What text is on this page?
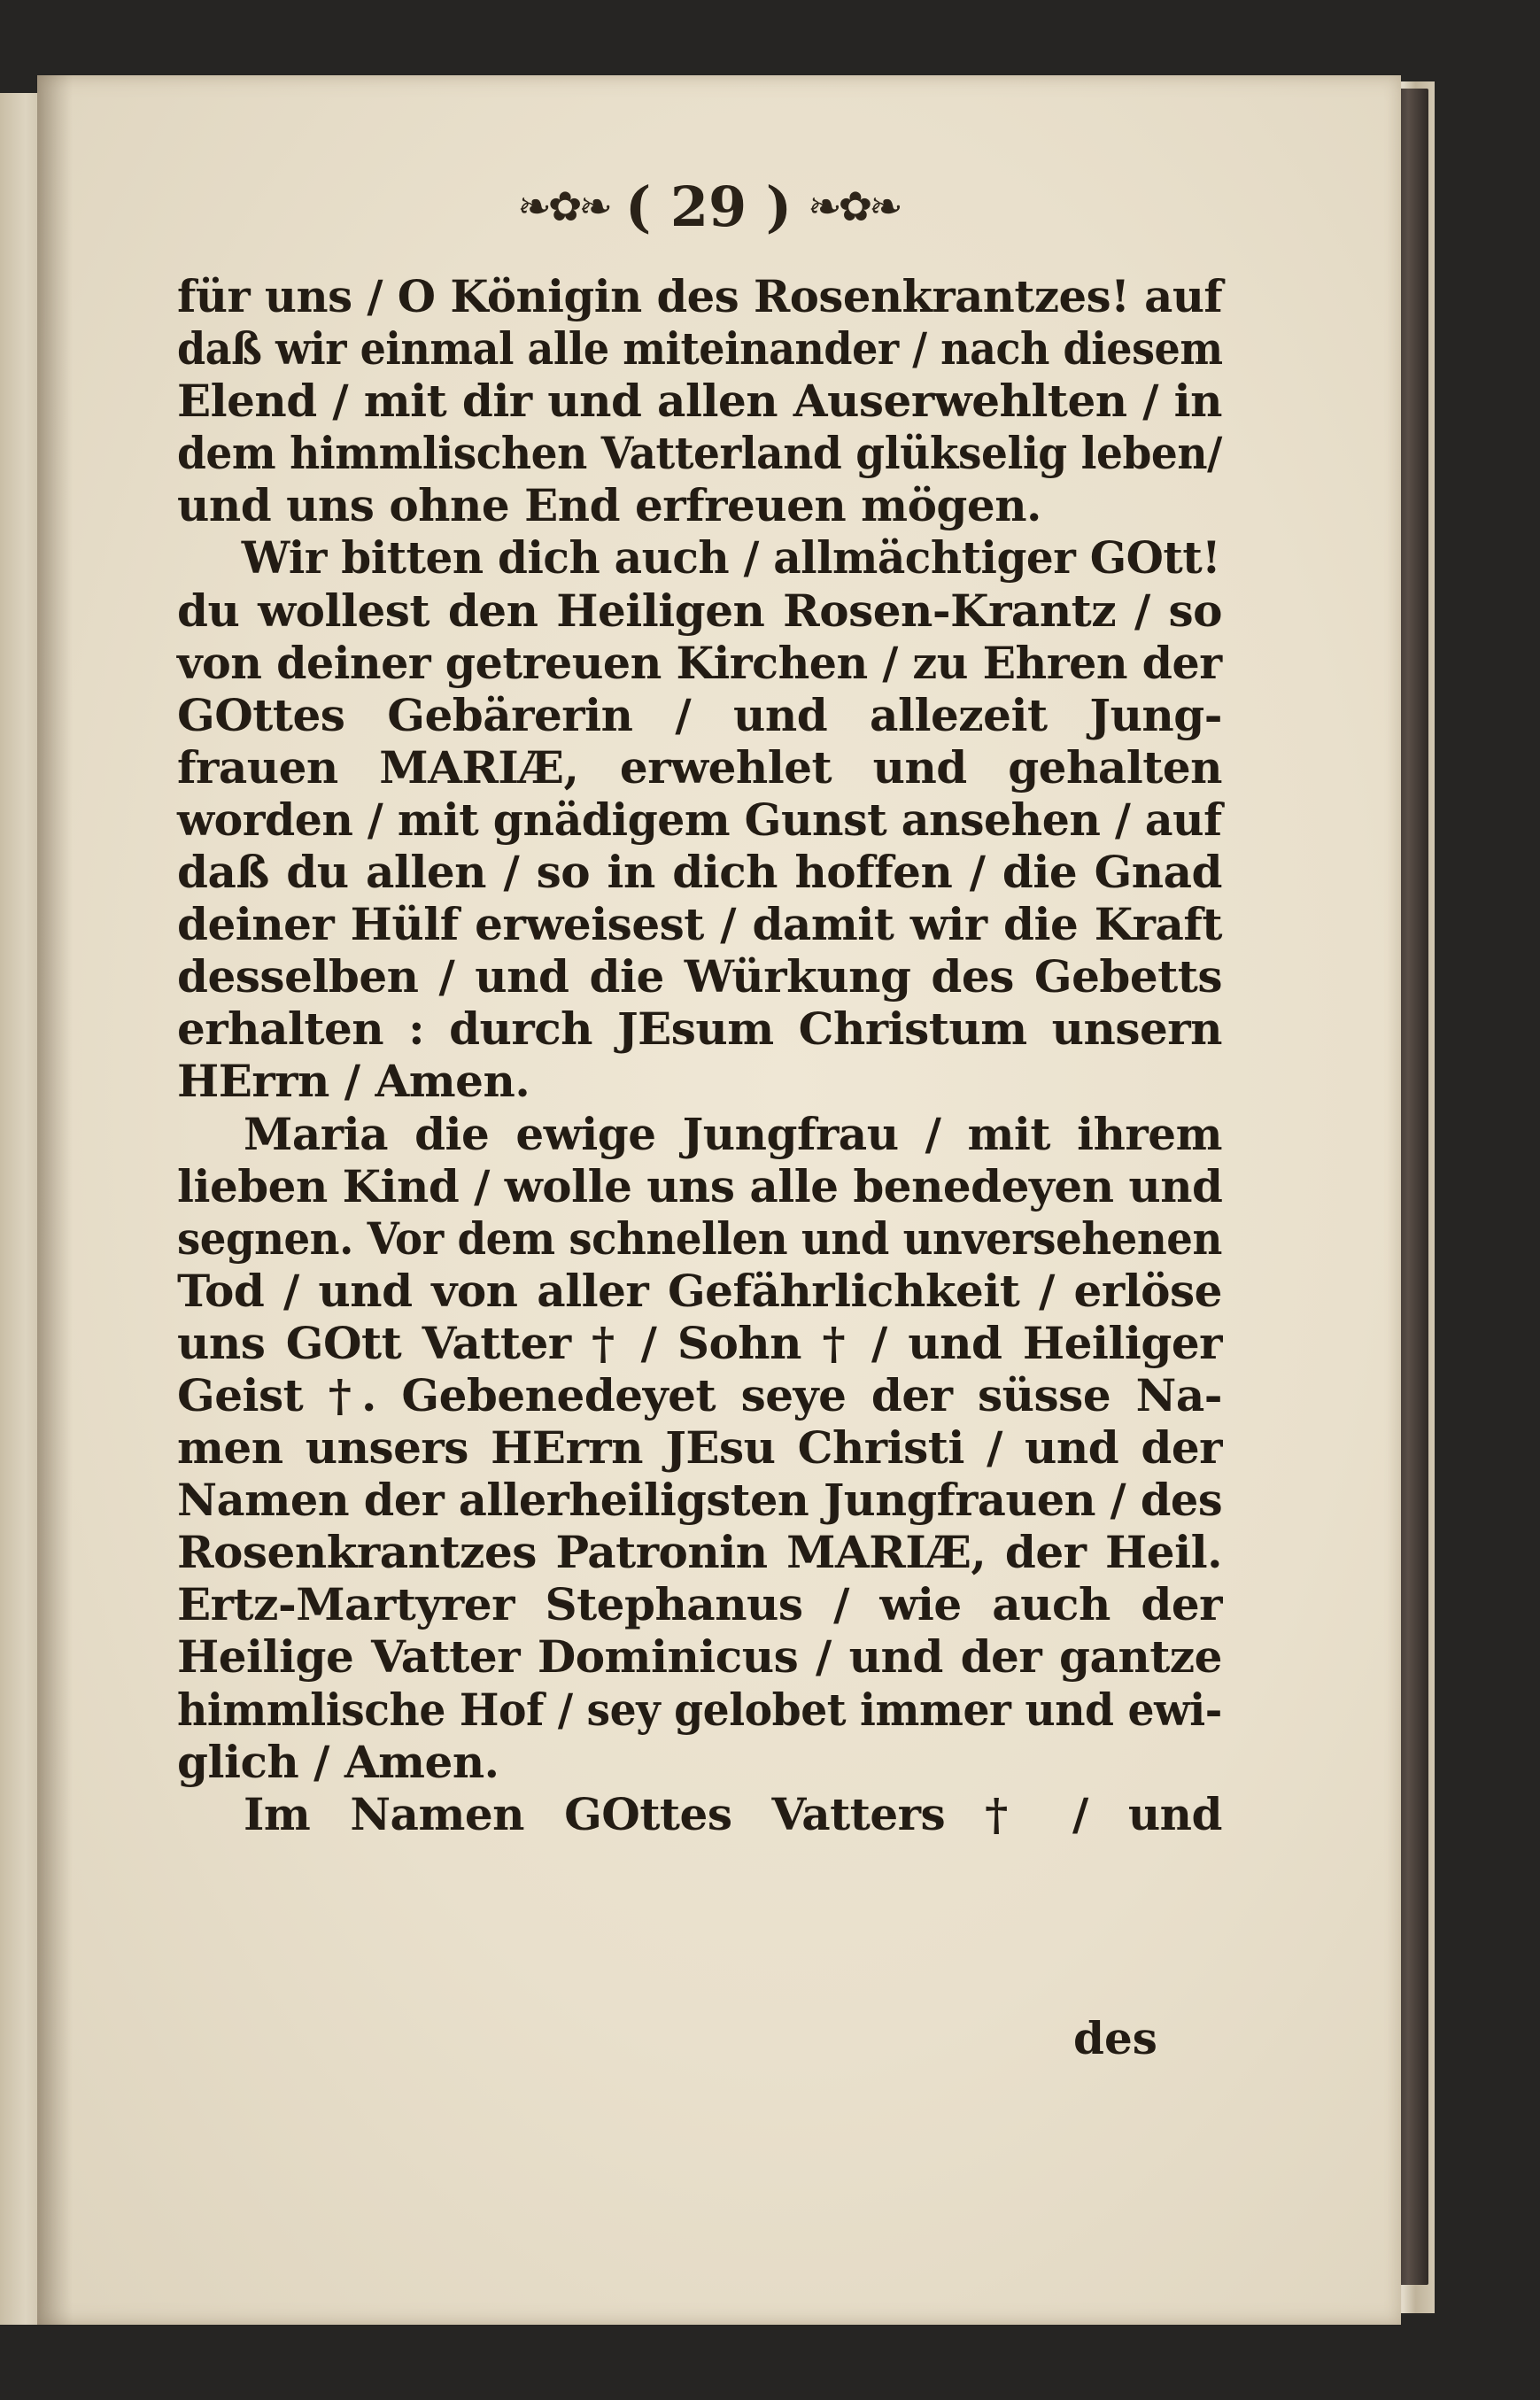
❧✿❧ ( 29 ) ❧✿❧
für uns / O Königin des Rosenkrantzes! auf
daß wir einmal alle miteinander / nach diesem
Elend / mit dir und allen Auserwehlten / in
dem himmlischen Vatterland glükselig leben/
und uns ohne End erfreuen mögen.
Wir bitten dich auch / allmächtiger GOtt!
du wollest den Heiligen Rosen-Krantz / so
von deiner getreuen Kirchen / zu Ehren der
GOttes Gebärerin / und allezeit Jung-
frauen MARIÆ, erwehlet und gehalten
worden / mit gnädigem Gunst ansehen / auf
daß du allen / so in dich hoffen / die Gnad
deiner Hülf erweisest / damit wir die Kraft
desselben / und die Würkung des Gebetts
erhalten : durch JEsum Christum unsern
HErrn / Amen.
Maria die ewige Jungfrau / mit ihrem
lieben Kind / wolle uns alle benedeyen und
segnen. Vor dem schnellen und unversehenen
Tod / und von aller Gefährlichkeit / erlöse
uns GOtt Vatter † / Sohn † / und Heiliger
Geist †. Gebenedeyet seye der süsse Na-
men unsers HErrn JEsu Christi / und der
Namen der allerheiligsten Jungfrauen / des
Rosenkrantzes Patronin MARIÆ, der Heil.
Ertz-Martyrer Stephanus / wie auch der
Heilige Vatter Dominicus / und der gantze
himmlische Hof / sey gelobet immer und ewi-
glich / Amen.
Im Namen GOttes Vatters † / und
des
